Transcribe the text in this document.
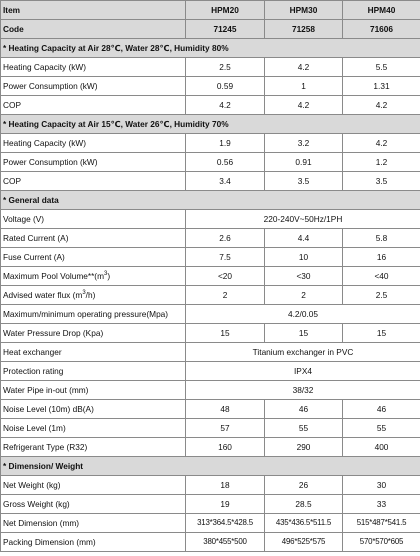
Item	HPM20	HPM30	HPM40
Code	71245	71258	71606
* Heating Capacity at Air 28℃, Water 28℃, Humidity 80%			
Heating Capacity (kW)	2.5	4.2	5.5
Power Consumption (kW)	0.59	1	1.31
COP	4.2	4.2	4.2
* Heating Capacity at Air 15℃, Water 26℃, Humidity 70%			
Heating Capacity (kW)	1.9	3.2	4.2
Power Consumption (kW)	0.56	0.91	1.2
COP	3.4	3.5	3.5
* General data			
Voltage (V)	220-240V~50Hz/1PH		
Rated Current (A)	2.6	4.4	5.8
Fuse Current (A)	7.5	10	16
Maximum Pool $Volume**(m^3)$	<20	<30	<40
Advised water flux $(m^3/h)$	2	2	2.5
Maximum/minimum operating pressure(Mpa)	4.2/0.05		
Water Pressure Drop (Kpa)	15	15	15
Heat exchanger	Titanium exchanger in PVC		
Protection rating	IPX4		
Water Pipe in-out (mm)	38/32		
Noise Level (10m) dB(A)	48	46	46
Noise Level (1m)	57	55	55
Refrigerant Type (R32)	160	290	400
* Dimension/ Weight			
Net Weight (kg)	18	26	30
Gross Weight (kg)	19	28.5	33
Net Dimension (mm)	313*364.5*428.5	435*436.5*511.5	515*487*541.5
Packing Dimension (mm)	380*455*500	496*525*575	570*570*605
